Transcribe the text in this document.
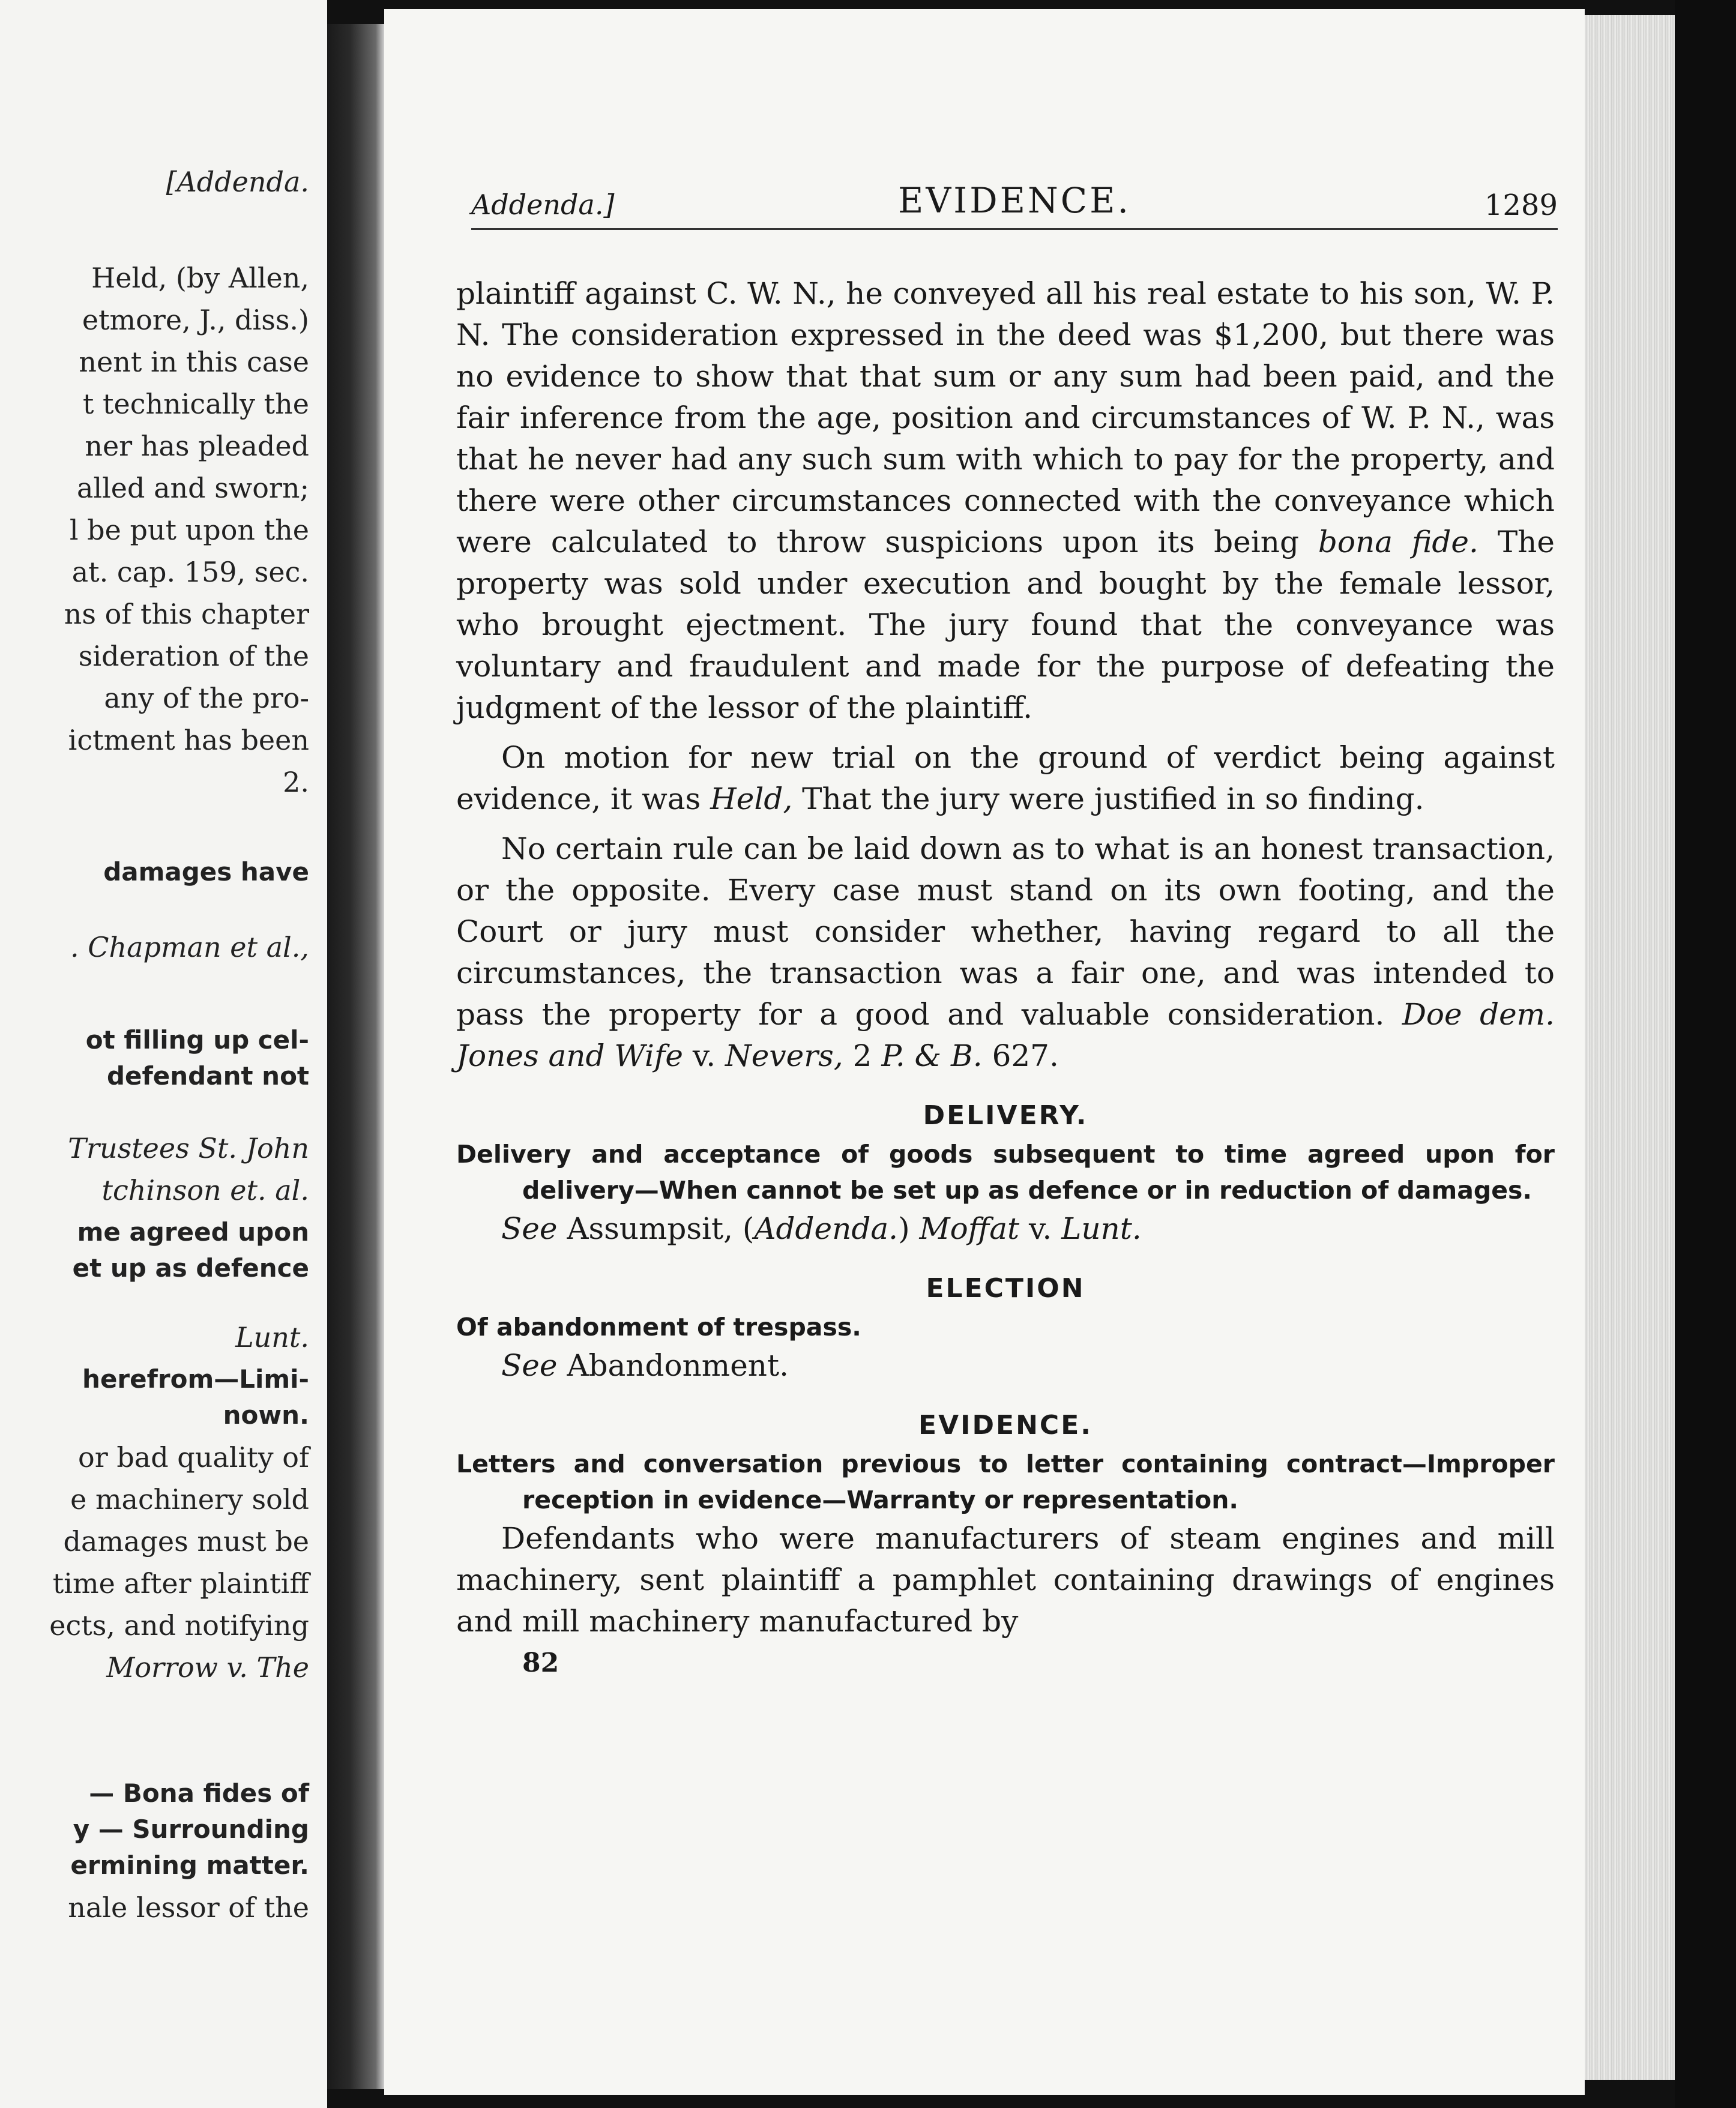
[Addenda.
Held, (by Allen,
etmore, J., diss.)
nent in this case
t technically the
ner has pleaded
alled and sworn;
l be put upon the
at. cap. 159, sec.
ns of this chapter
sideration of the
any of the pro-
ictment has been
2.
damages have
. Chapman et al.,
ot filling up cel-
defendant not
Trustees St. John
tchinson et. al.
me agreed upon
et up as defence
Lunt.
herefrom—Limi-
nown.
or bad quality of
e machinery sold
damages must be
time after plaintiff
ects, and notifying
Morrow v. The
— Bona fides of
y — Surrounding
ermining matter.
nale lessor of the
Addenda.]	EVIDENCE.	1289

plaintiff against C. W. N., he conveyed all his real estate to his son, W. P. N. The consideration expressed in the deed was $1,200, but there was no evidence to show that that sum or any sum had been paid, and the fair inference from the age, position and circumstances of W. P. N., was that he never had any such sum with which to pay for the property, and there were other circumstances connected with the conveyance which were calculated to throw suspicions upon its being bona fide. The property was sold under execution and bought by the female lessor, who brought ejectment. The jury found that the conveyance was voluntary and fraudulent and made for the purpose of defeating the judgment of the lessor of the plaintiff.

On motion for new trial on the ground of verdict being against evidence, it was Held, That the jury were justified in so finding.

No certain rule can be laid down as to what is an honest transaction, or the opposite. Every case must stand on its own footing, and the Court or jury must consider whether, having regard to all the circumstances, the transaction was a fair one, and was intended to pass the property for a good and valuable consideration. Doe dem. Jones and Wife v. Nevers, 2 P. & B. 627.

DELIVERY.

Delivery and acceptance of goods subsequent to time agreed upon for delivery—When cannot be set up as defence or in reduction of damages.

See Assumpsit, (Addenda.) Moffat v. Lunt.

ELECTION

Of abandonment of trespass.

See Abandonment.

EVIDENCE.

Letters and conversation previous to letter containing contract—Improper reception in evidence—Warranty or representation.

Defendants who were manufacturers of steam engines and mill machinery, sent plaintiff a pamphlet containing drawings of engines and mill machinery manufactured by

82
